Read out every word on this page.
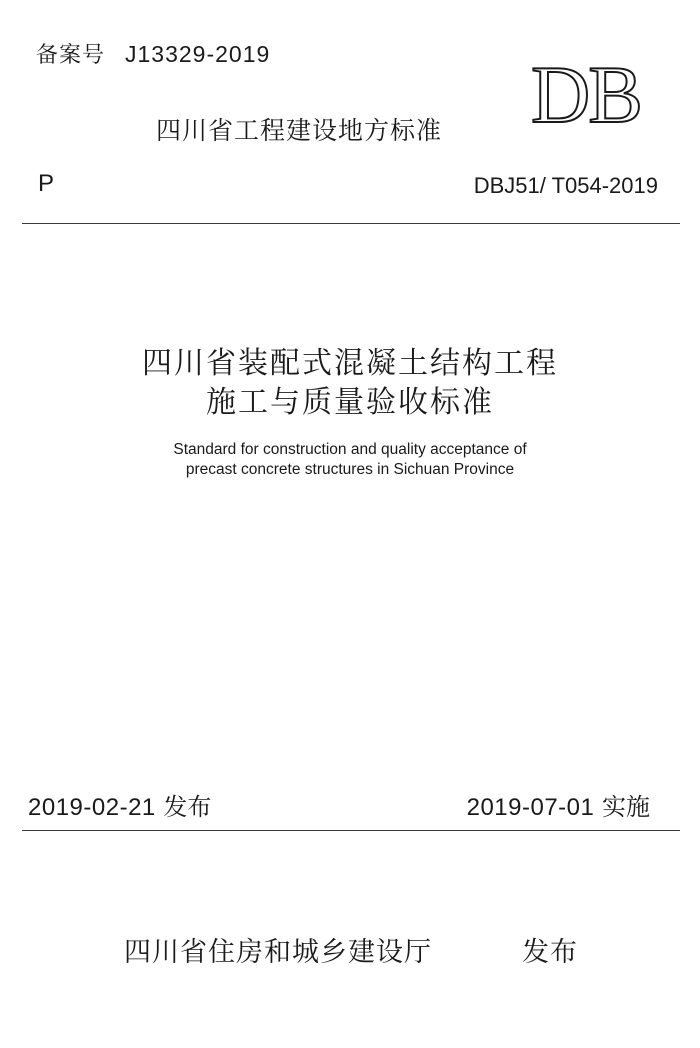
备案号 J13329-2019
四川省工程建设地方标准 DB
P	DBJ51/ T054-2019
四川省装配式混凝土结构工程
施工与质量验收标准
Standard for construction and quality acceptance of
precast concrete structures in Sichuan Province
2019-02-21 发布	2019-07-01 实施
四川省住房和城乡建设厅	发布
